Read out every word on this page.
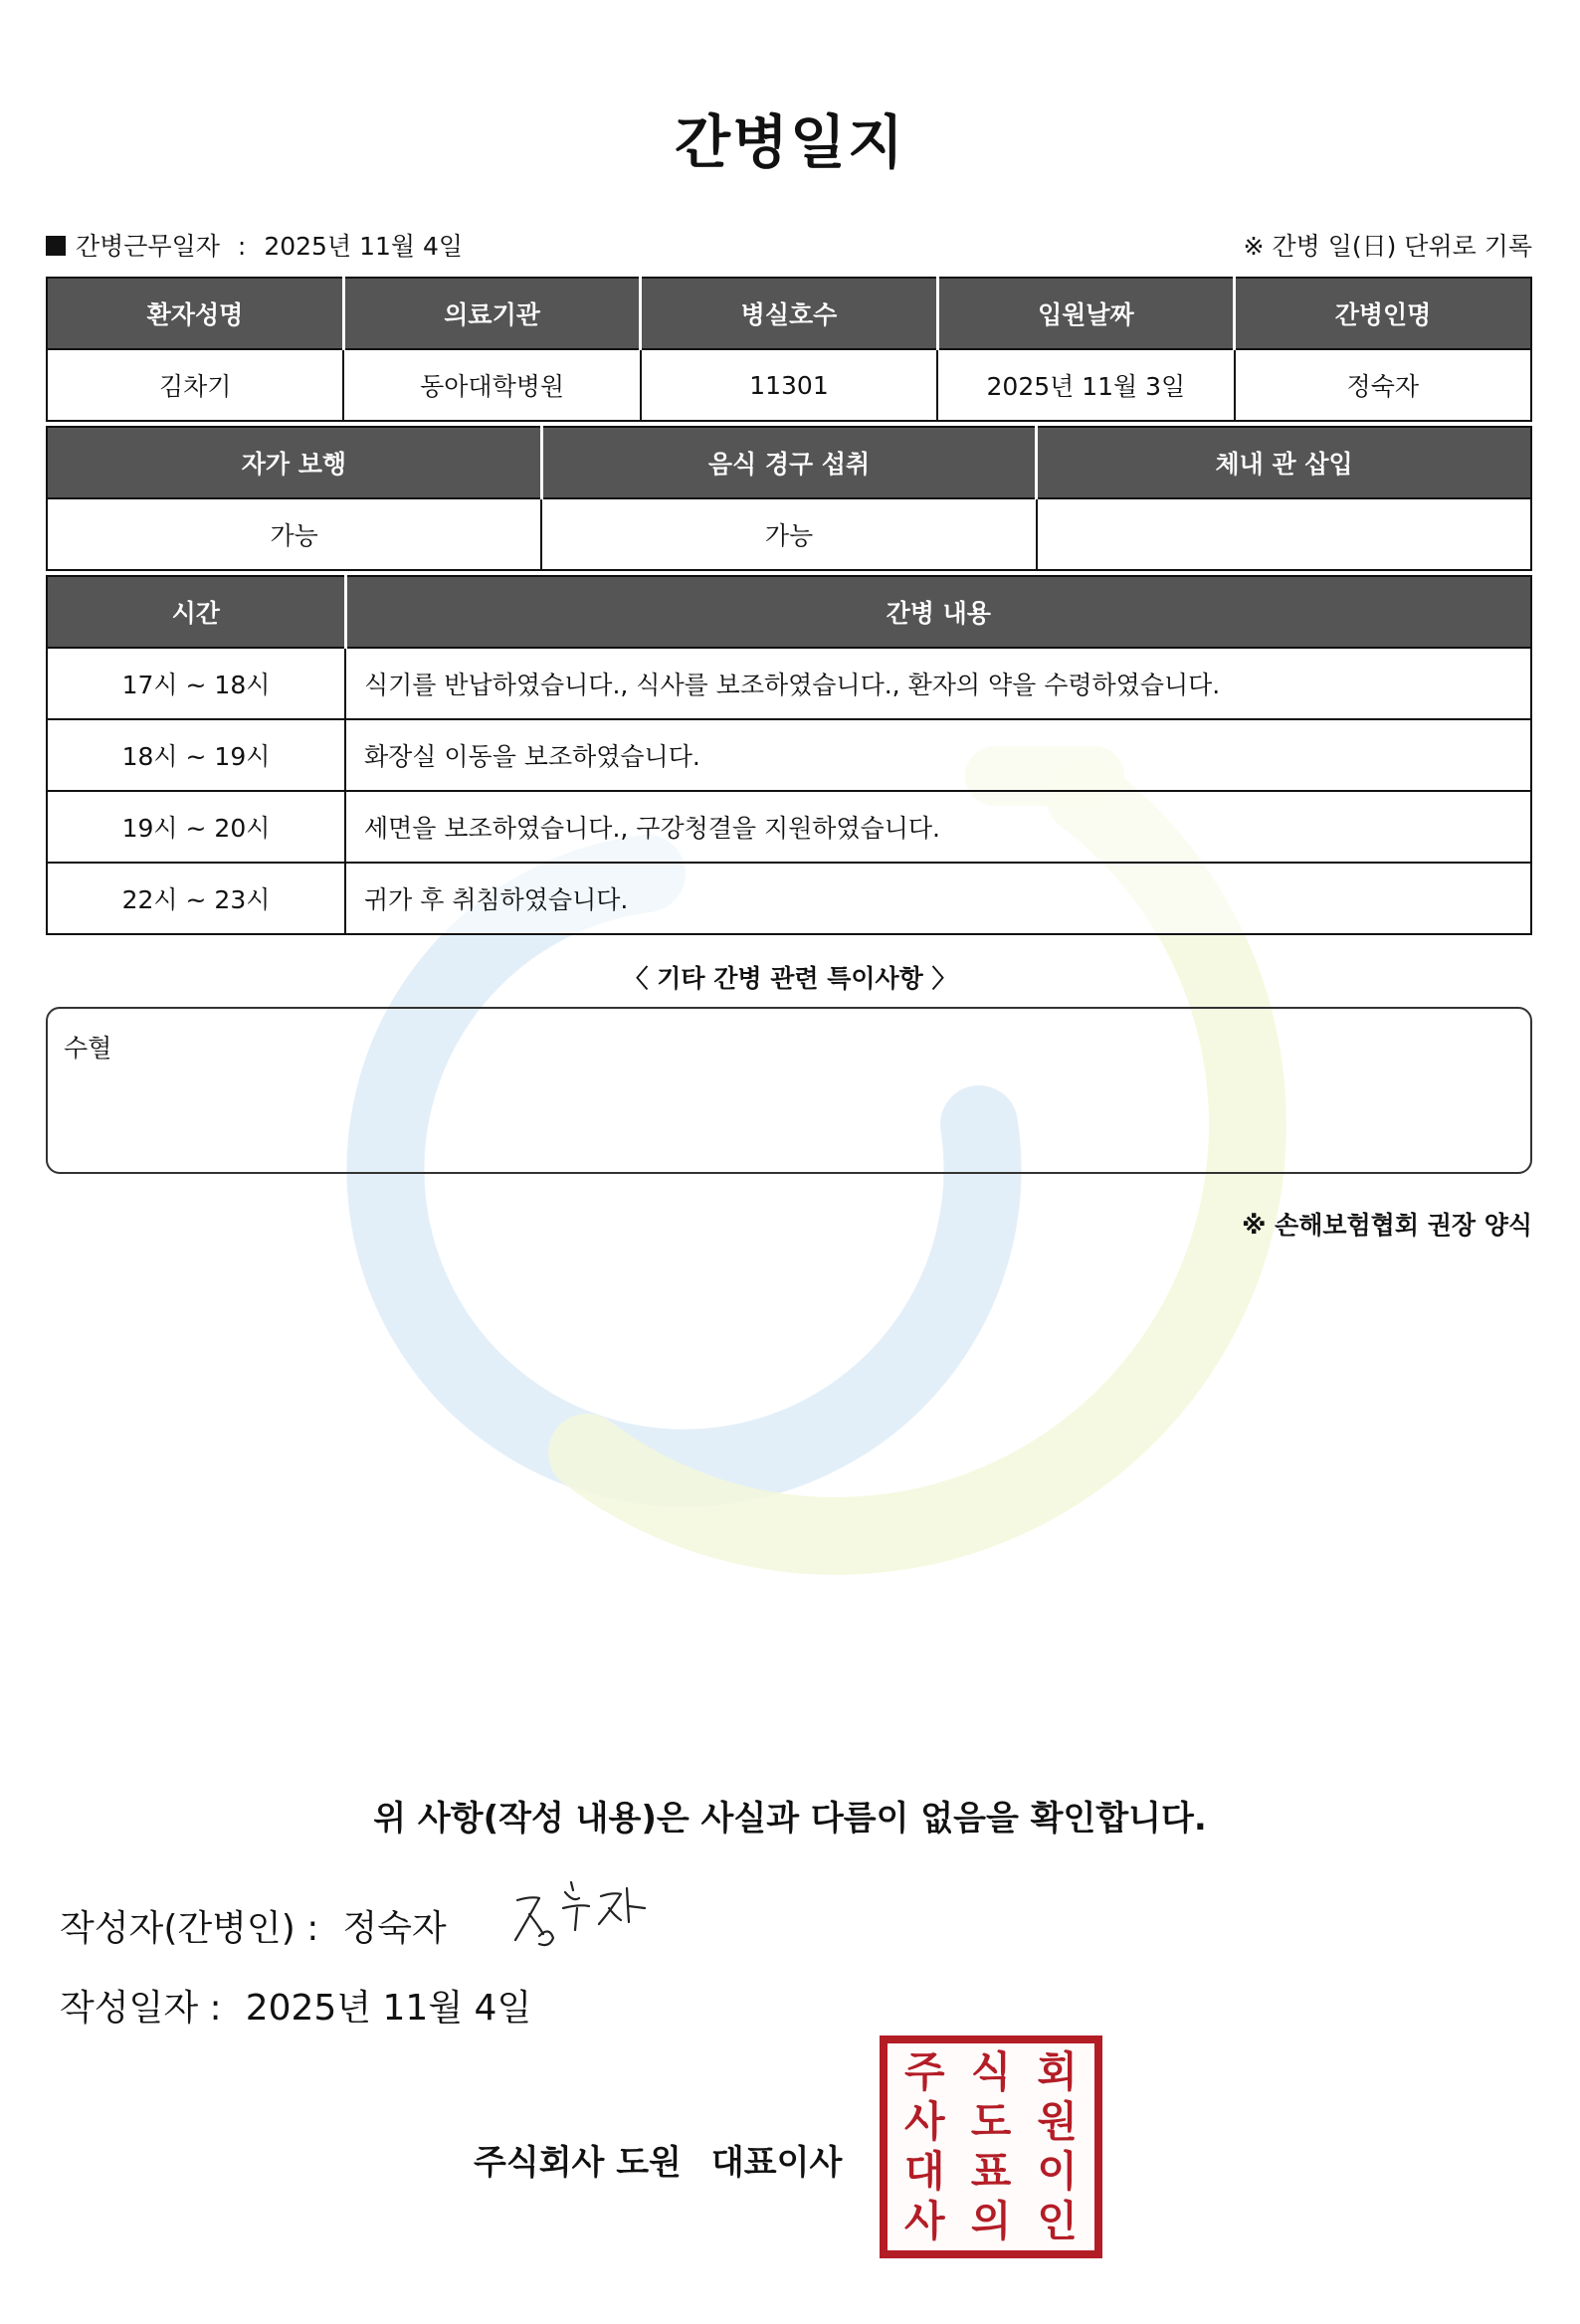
간병일지
간병근무일자 : 2025년 11월 4일	※ 간병 일(日) 단위로 기록
환자성명	의료기관	병실호수	입원날짜	간병인명
김차기	동아대학병원	11301	2025년 11월 3일	정숙자
자가 보행	음식 경구 섭취	체내 관 삽입
가능	가능	
시간	간병 내용
17시 ~ 18시	식기를 반납하였습니다., 식사를 보조하였습니다., 환자의 약을 수령하였습니다.
18시 ~ 19시	화장실 이동을 보조하였습니다.
19시 ~ 20시	세면을 보조하였습니다., 구강청결을 지원하였습니다.
22시 ~ 23시	귀가 후 취침하였습니다.
〈 기타 간병 관련 특이사항 〉
수혈
※ 손해보험협회 권장 양식
위 사항(작성 내용)은 사실과 다름이 없음을 확인합니다.
작성자(간병인) : 정숙자
작성일자 : 2025년 11월 4일
주식회사 도원 대표이사
주 식 회
사 도 원
대 표 이
사 의 인
